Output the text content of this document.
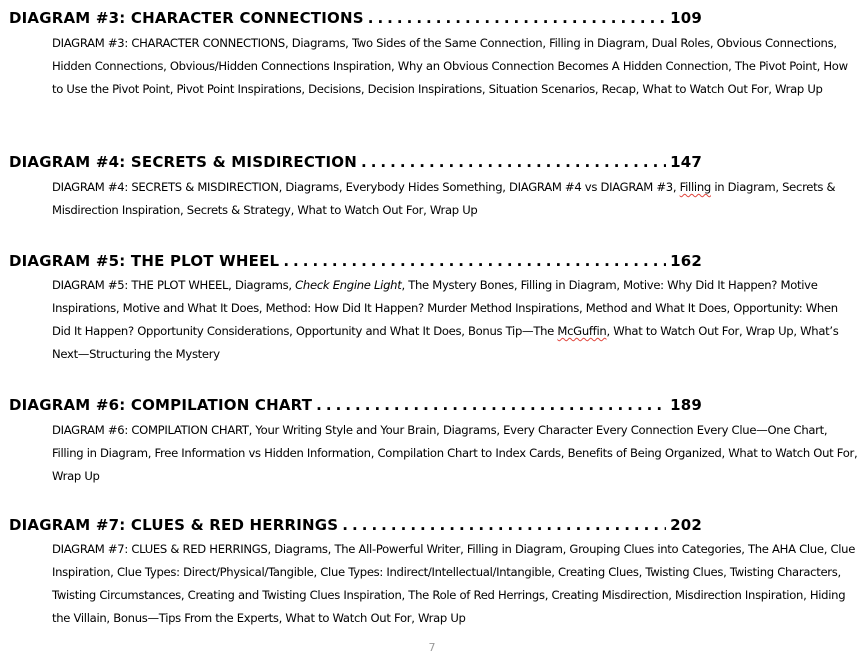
DIAGRAM #3: CHARACTER CONNECTIONS . . .	109
DIAGRAM #3: CHARACTER CONNECTIONS, Diagrams, Two Sides of the Same Connection, Filling in Diagram, Dual Roles, Obvious Connections, Hidden Connections, Obvious/Hidden Connections Inspiration, Why an Obvious Connection Becomes A Hidden Connection, The Pivot Point, How to Use the Pivot Point, Pivot Point Inspirations, Decisions, Decision Inspirations, Situation Scenarios, Recap, What to Watch Out For, Wrap Up
DIAGRAM #4: SECRETS & MISDIRECTION . . .	147
DIAGRAM #4: SECRETS & MISDIRECTION, Diagrams, Everybody Hides Something, DIAGRAM #4 vs DIAGRAM #3, Filling in Diagram, Secrets & Misdirection Inspiration, Secrets & Strategy, What to Watch Out For, Wrap Up
DIAGRAM #5: THE PLOT WHEEL . . .	162
DIAGRAM #5: THE PLOT WHEEL, Diagrams, Check Engine Light, The Mystery Bones, Filling in Diagram, Motive: Why Did It Happen? Motive Inspirations, Motive and What It Does, Method: How Did It Happen? Murder Method Inspirations, Method and What It Does, Opportunity: When Did It Happen? Opportunity Considerations, Opportunity and What It Does, Bonus Tip—The McGuffin, What to Watch Out For, Wrap Up, What’s Next—Structuring the Mystery
DIAGRAM #6: COMPILATION CHART . . .	189
DIAGRAM #6: COMPILATION CHART, Your Writing Style and Your Brain, Diagrams, Every Character Every Connection Every Clue—One Chart, Filling in Diagram, Free Information vs Hidden Information, Compilation Chart to Index Cards, Benefits of Being Organized, What to Watch Out For, Wrap Up
DIAGRAM #7: CLUES & RED HERRINGS . . .	202
DIAGRAM #7: CLUES & RED HERRINGS, Diagrams, The All-Powerful Writer, Filling in Diagram, Grouping Clues into Categories, The AHA Clue, Clue Inspiration, Clue Types: Direct/Physical/Tangible, Clue Types: Indirect/Intellectual/Intangible, Creating Clues, Twisting Clues, Twisting Characters, Twisting Circumstances, Creating and Twisting Clues Inspiration, The Role of Red Herrings, Creating Misdirection, Misdirection Inspiration, Hiding the Villain, Bonus—Tips From the Experts, What to Watch Out For, Wrap Up
7
